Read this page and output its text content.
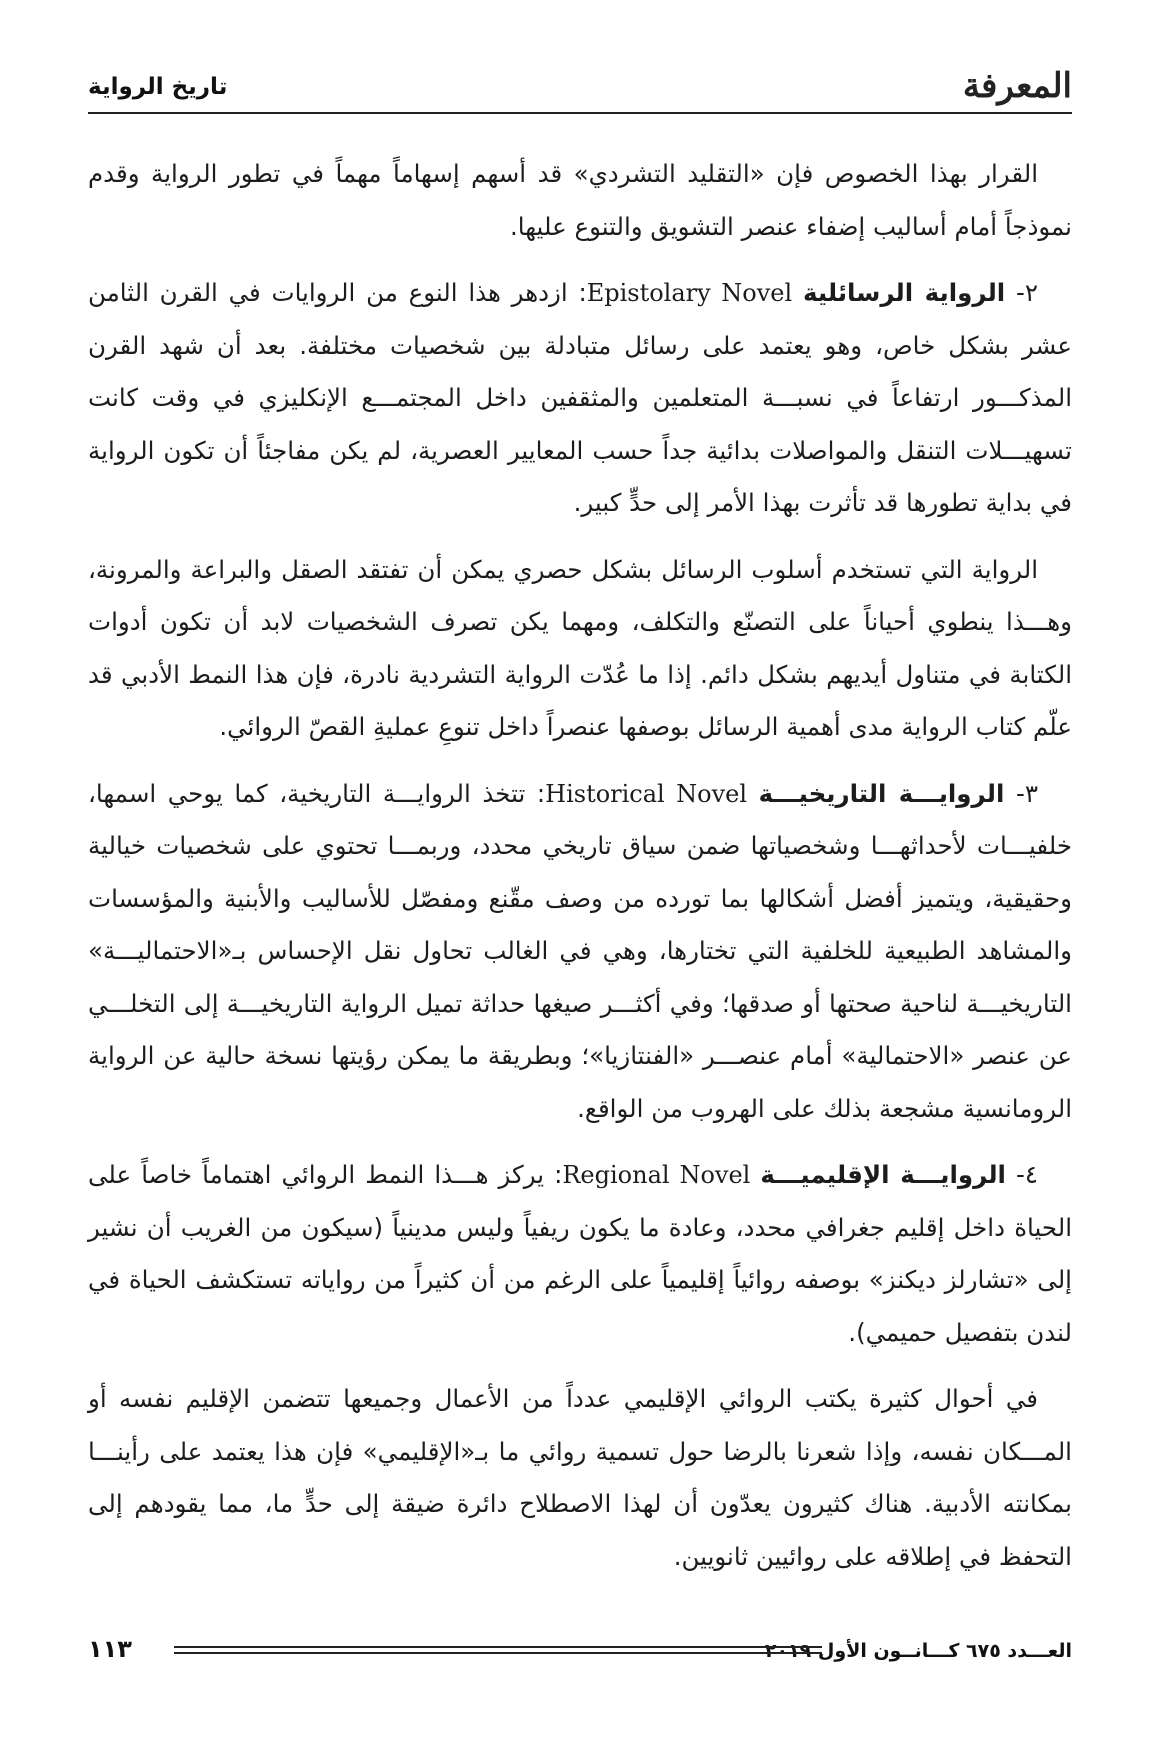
المعرفة
تاريخ الرواية

القرار بهذا الخصوص فإن «التقليد التشردي» قد أسهم إسهاماً مهماً في تطور الرواية وقدم نموذجاً أمام أساليب إضفاء عنصر التشويق والتنوع عليها.

٢- الرواية الرسائلية Epistolary Novel: ازدهر هذا النوع من الروايات في القرن الثامن عشر بشكل خاص، وهو يعتمد على رسائل متبادلة بين شخصيات مختلفة. بعد أن شهد القرن المذكـــور ارتفاعاً في نسبـــة المتعلمين والمثقفين داخل المجتمـــع الإنكليزي في وقت كانت تسهيـــلات التنقل والمواصلات بدائية جداً حسب المعايير العصرية، لم يكن مفاجئاً أن تكون الرواية في بداية تطورها قد تأثرت بهذا الأمر إلى حدٍّ كبير.

الرواية التي تستخدم أسلوب الرسائل بشكل حصري يمكن أن تفتقد الصقل والبراعة والمرونة، وهـــذا ينطوي أحياناً على التصنّع والتكلف، ومهما يكن تصرف الشخصيات لابد أن تكون أدوات الكتابة في متناول أيديهم بشكل دائم. إذا ما عُدّت الرواية التشردية نادرة، فإن هذا النمط الأدبي قد علّم كتاب الرواية مدى أهمية الرسائل بوصفها عنصراً داخل تنوعِ عمليةِ القصّ الروائي.

٣- الروايـــة التاريخيـــة Historical Novel: تتخذ الروايـــة التاريخية، كما يوحي اسمها، خلفيـــات لأحداثهـــا وشخصياتها ضمن سياق تاريخي محدد، وربمـــا تحتوي على شخصيات خيالية وحقيقية، ويتميز أفضل أشكالها بما تورده من وصف مقّنع ومفصّل للأساليب والأبنية والمؤسسات والمشاهد الطبيعية للخلفية التي تختارها، وهي في الغالب تحاول نقل الإحساس بـ«الاحتماليـــة» التاريخيـــة لناحية صحتها أو صدقها؛ وفي أكثـــر صيغها حداثة تميل الرواية التاريخيـــة إلى التخلـــي عن عنصر «الاحتمالية» أمام عنصـــر «الفنتازيا»؛ وبطريقة ما يمكن رؤيتها نسخة حالية عن الرواية الرومانسية مشجعة بذلك على الهروب من الواقع.

٤- الروايـــة الإقليميـــة Regional Novel: يركز هـــذا النمط الروائي اهتماماً خاصاً على الحياة داخل إقليم جغرافي محدد، وعادة ما يكون ريفياً وليس مدينياً (سيكون من الغريب أن نشير إلى «تشارلز ديكنز» بوصفه روائياً إقليمياً على الرغم من أن كثيراً من رواياته تستكشف الحياة في لندن بتفصيل حميمي).

في أحوال كثيرة يكتب الروائي الإقليمي عدداً من الأعمال وجميعها تتضمن الإقليم نفسه أو المـــكان نفسه، وإذا شعرنا بالرضا حول تسمية روائي ما بـ«الإقليمي» فإن هذا يعتمد على رأينـــا بمكانته الأدبية. هناك كثيرون يعدّون أن لهذا الاصطلاح دائرة ضيقة إلى حدٍّ ما، مما يقودهم إلى التحفظ في إطلاقه على روائيين ثانويين.

العـــدد ٦٧٥ كـــانــون الأول ٢٠١٩
١١٣
